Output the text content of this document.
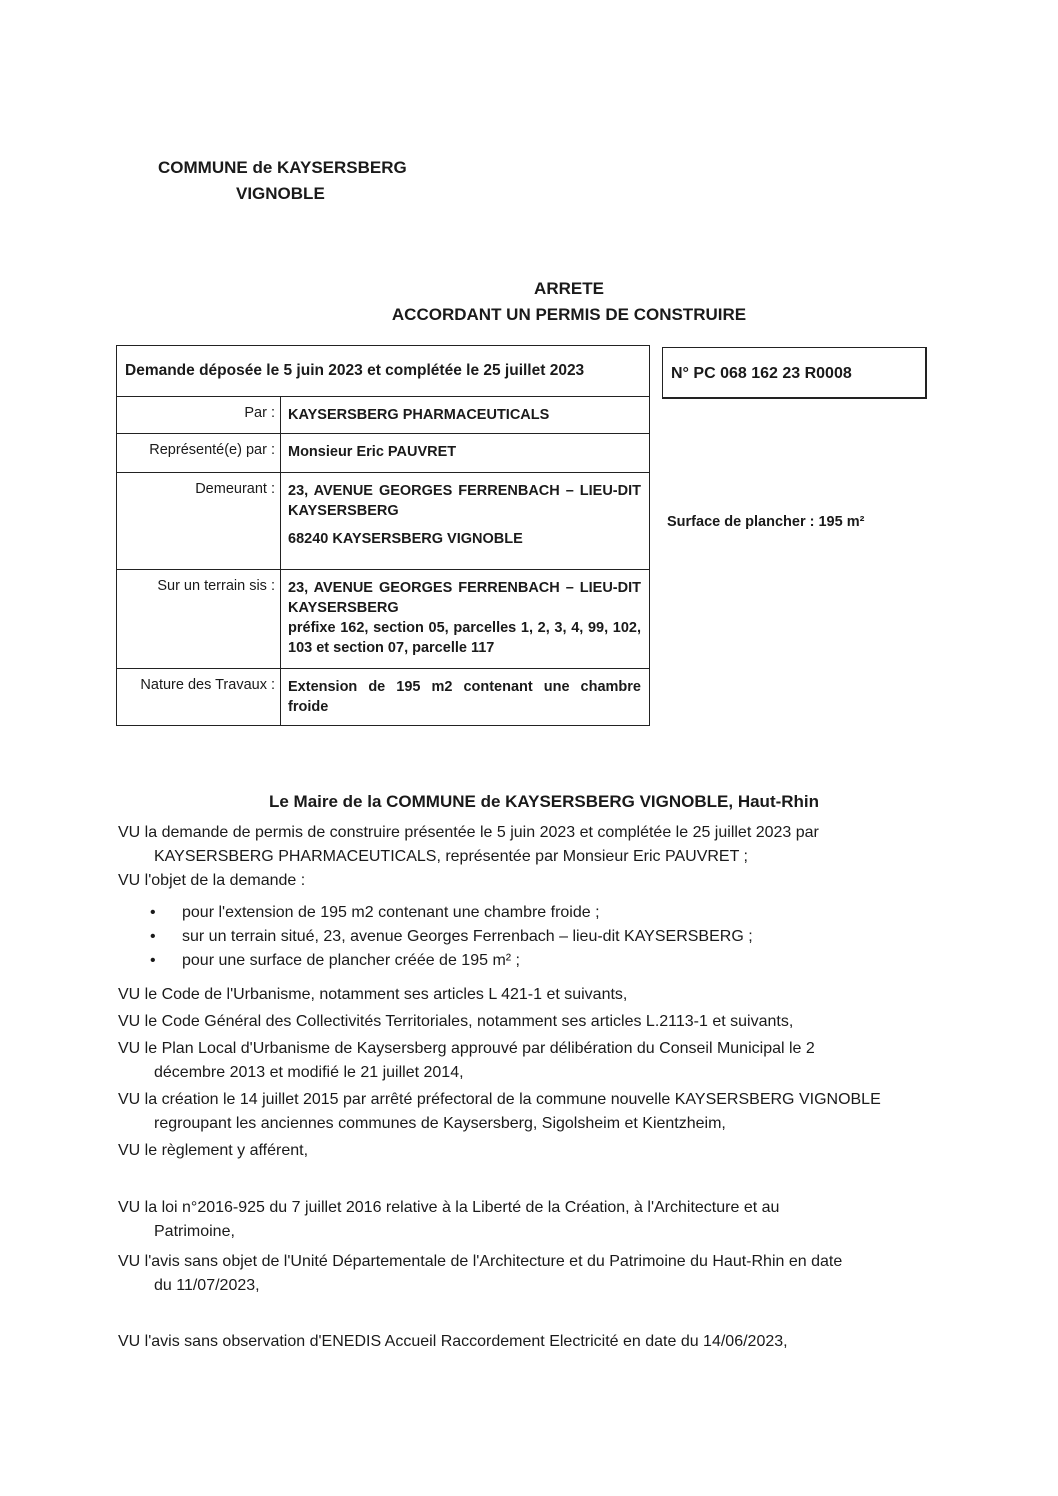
COMMUNE de KAYSERSBERG
VIGNOBLE
ARRETE
ACCORDANT UN PERMIS DE CONSTRUIRE
Demande déposée le 5 juin 2023 et complétée le 25 juillet 2023
Par : KAYSERSBERG PHARMACEUTICALS
Représenté(e) par : Monsieur Eric PAUVRET
Demeurant : 23, AVENUE GEORGES FERRENBACH – LIEU-DIT KAYSERSBERG
68240 KAYSERSBERG VIGNOBLE
Sur un terrain sis : 23, AVENUE GEORGES FERRENBACH – LIEU-DIT KAYSERSBERG
préfixe 162, section 05, parcelles 1, 2, 3, 4, 99, 102, 103 et section 07, parcelle 117
Nature des Travaux : Extension de 195 m2 contenant une chambre froide
N° PC 068 162 23 R0008
Surface de plancher : 195 m²
Le Maire de la COMMUNE de KAYSERSBERG VIGNOBLE, Haut-Rhin
VU la demande de permis de construire présentée le 5 juin 2023 et complétée le 25 juillet 2023 par
KAYSERSBERG PHARMACEUTICALS, représentée par Monsieur Eric PAUVRET ;
VU l'objet de la demande :
•	pour l'extension de 195 m2 contenant une chambre froide ;
•	sur un terrain situé, 23, avenue Georges Ferrenbach – lieu-dit KAYSERSBERG ;
•	pour une surface de plancher créée de 195 m² ;
VU le Code de l'Urbanisme, notamment ses articles L 421-1 et suivants,
VU le Code Général des Collectivités Territoriales, notamment ses articles L.2113-1 et suivants,
VU le Plan Local d'Urbanisme de Kaysersberg approuvé par délibération du Conseil Municipal le 2
décembre 2013 et modifié le 21 juillet 2014,
VU la création le 14 juillet 2015 par arrêté préfectoral de la commune nouvelle KAYSERSBERG VIGNOBLE
regroupant les anciennes communes de Kaysersberg, Sigolsheim et Kientzheim,
VU le règlement y afférent,
VU la loi n°2016-925 du 7 juillet 2016 relative à la Liberté de la Création, à l'Architecture et au
Patrimoine,
VU l'avis sans objet de l'Unité Départementale de l'Architecture et du Patrimoine du Haut-Rhin en date
du 11/07/2023,
VU l'avis sans observation d'ENEDIS Accueil Raccordement Electricité en date du 14/06/2023,
